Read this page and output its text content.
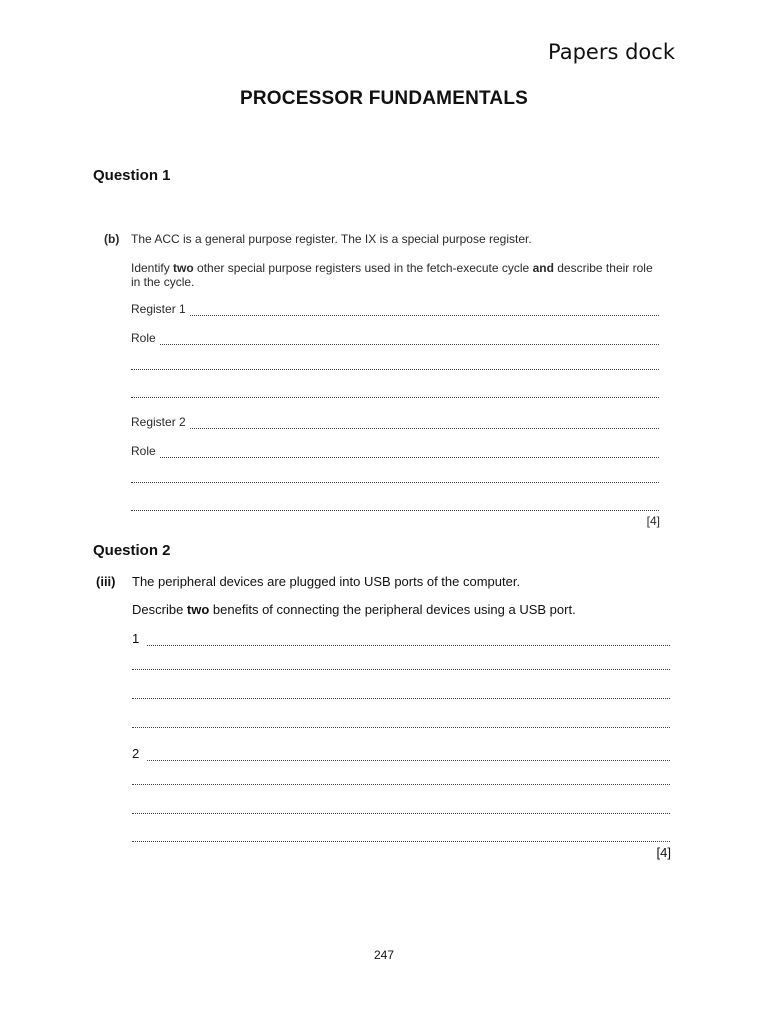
Papers dock
PROCESSOR FUNDAMENTALS
Question 1
(b) The ACC is a general purpose register. The IX is a special purpose register.
Identify two other special purpose registers used in the fetch-execute cycle and describe their role in the cycle.
Register 1
Role
Register 2
Role
[4]
Question 2
(iii) The peripheral devices are plugged into USB ports of the computer.
Describe two benefits of connecting the peripheral devices using a USB port.
1
2
[4]
247
